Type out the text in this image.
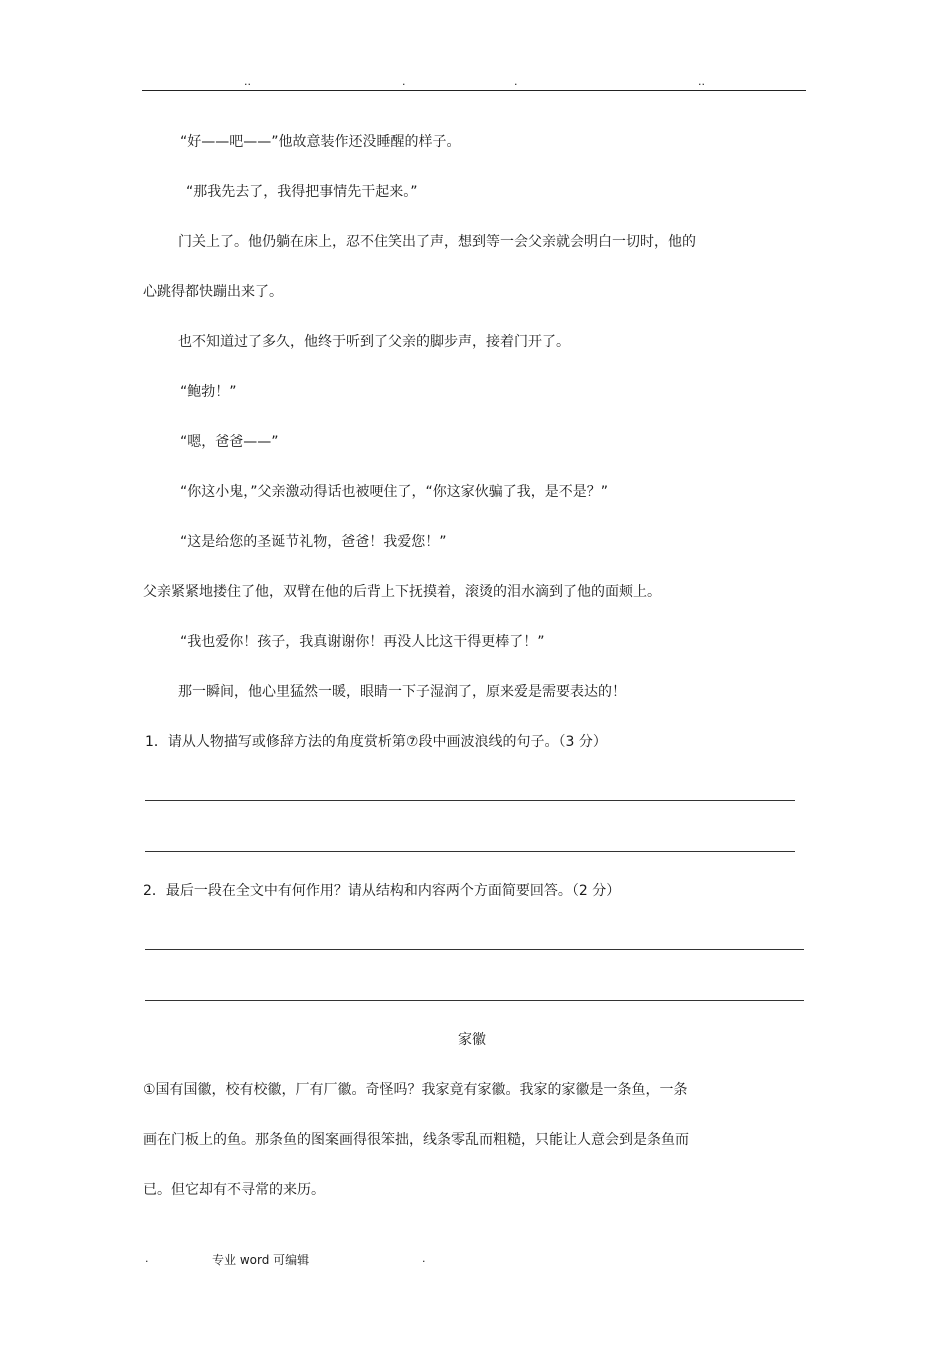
..	.	.	..
“好——吧——”他故意装作还没睡醒的样子。
“那我先去了，我得把事情先干起来。”
门关上了。他仍躺在床上，忍不住笑出了声，想到等一会父亲就会明白一切时，他的
心跳得都快蹦出来了。
也不知道过了多久，他终于听到了父亲的脚步声，接着门开了。
“鲍勃！”
“嗯，爸爸——”
“你这小鬼，”父亲激动得话也被哽住了，“你这家伙骗了我，是不是？”
“这是给您的圣诞节礼物，爸爸！我爱您！”
父亲紧紧地搂住了他，双臂在他的后背上下抚摸着，滚烫的泪水滴到了他的面颊上。
“我也爱你！孩子，我真谢谢你！再没人比这干得更棒了！”
那一瞬间，他心里猛然一暖，眼睛一下子湿润了，原来爱是需要表达的！
1．请从人物描写或修辞方法的角度赏析第⑦段中画波浪线的句子。（3 分）
2．最后一段在全文中有何作用？请从结构和内容两个方面简要回答。（2 分）
家徽
①国有国徽，校有校徽，厂有厂徽。奇怪吗？我家竟有家徽。我家的家徽是一条鱼，一条
画在门板上的鱼。那条鱼的图案画得很笨拙，线条零乱而粗糙，只能让人意会到是条鱼而
已。但它却有不寻常的来历。
.	专业 word 可编辑	.
